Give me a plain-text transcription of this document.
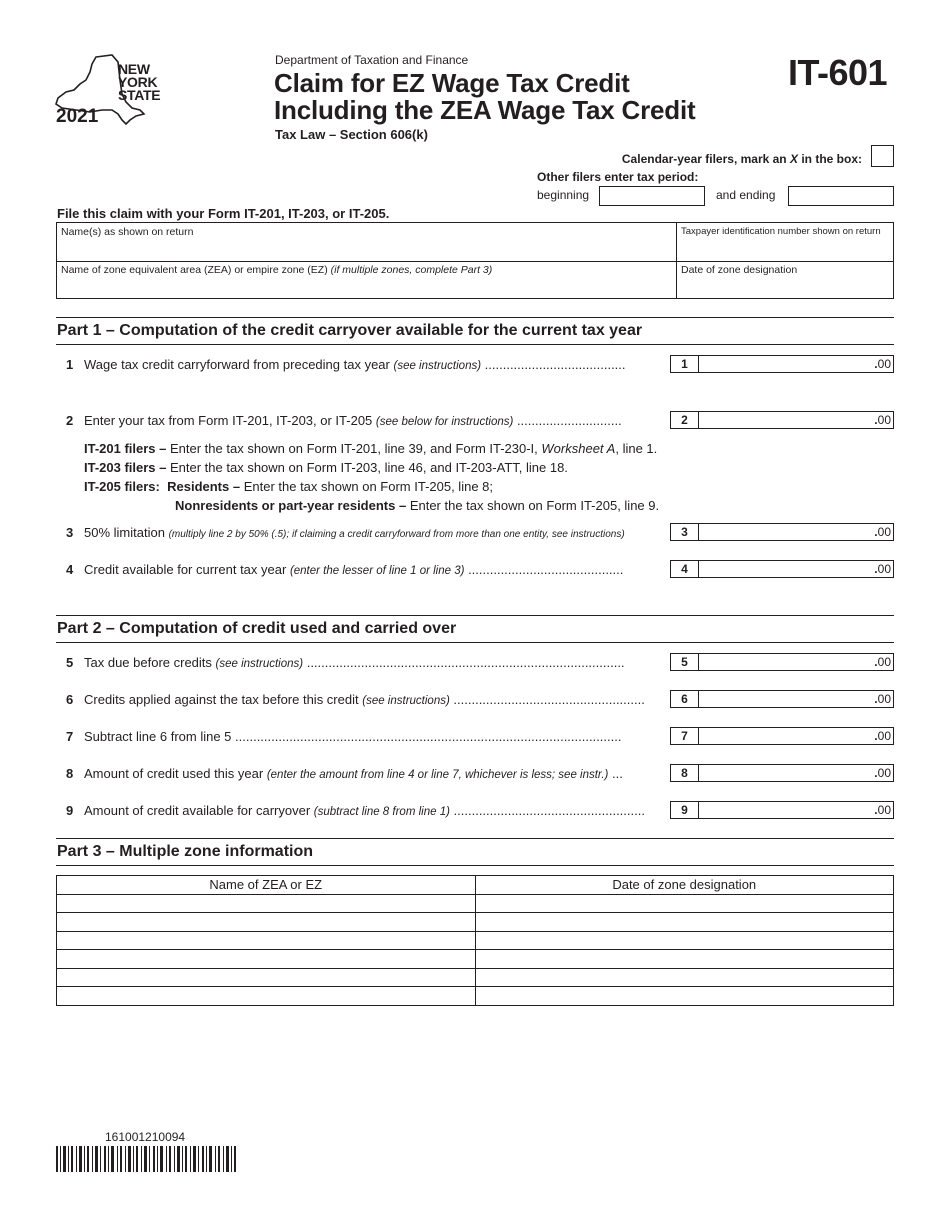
NEW
YORK
STATE
2021
Department of Taxation and Finance
Claim for EZ Wage Tax Credit
Including the ZEA Wage Tax Credit
Tax Law – Section 606(k)
IT-601
Calendar-year filers, mark an X in the box:
Other filers enter tax period:
beginning	and ending
File this claim with your Form IT-201, IT-203, or IT-205.
Name(s) as shown on return	Taxpayer identification number shown on return
Name of zone equivalent area (ZEA) or empire zone (EZ) (if multiple zones, complete Part 3)	Date of zone designation
Part 1 – Computation of the credit carryover available for the current tax year
1 Wage tax credit carryforward from preceding tax year (see instructions) .......................................	1	.00
2 Enter your tax from Form IT-201, IT-203, or IT-205 (see below for instructions) .............................	2	.00
IT-201 filers – Enter the tax shown on Form IT-201, line 39, and Form IT-230-I, Worksheet A, line 1.
IT-203 filers – Enter the tax shown on Form IT-203, line 46, and IT-203-ATT, line 18.
IT-205 filers: Residents – Enter the tax shown on Form IT-205, line 8;
Nonresidents or part-year residents – Enter the tax shown on Form IT-205, line 9.
3 50% limitation (multiply line 2 by 50% (.5); if claiming a credit carryforward from more than one entity, see instructions)	3	.00
4 Credit available for current tax year (enter the lesser of line 1 or line 3) ...........................................	4	.00
Part 2 – Computation of credit used and carried over
5 Tax due before credits (see instructions) ........................................................................................	5	.00
6 Credits applied against the tax before this credit (see instructions) .....................................................	6	.00
7 Subtract line 6 from line 5 ...........................................................................................................	7	.00
8 Amount of credit used this year (enter the amount from line 4 or line 7, whichever is less; see instr.) ...	8	.00
9 Amount of credit available for carryover (subtract line 8 from line 1) .....................................................	9	.00
Part 3 – Multiple zone information
Name of ZEA or EZ	Date of zone designation

161001210094
